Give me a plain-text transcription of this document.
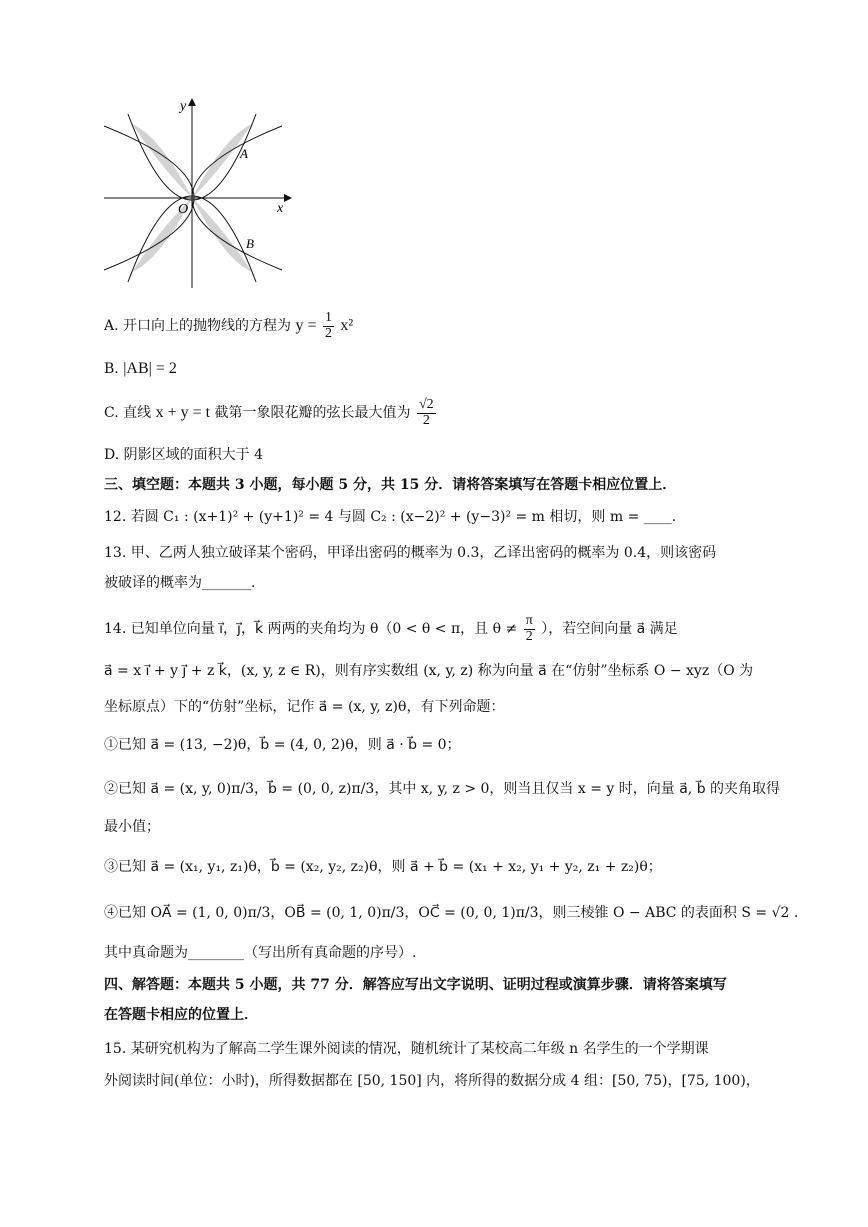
y
x
O
A
B
A. 开口向上的抛物线的方程为 $y = \frac{1}{2} x^2$
B. |AB| = 2
C. 直线 x + y = t 截第一象限花瓣的弦长最大值为 $\frac{√2}{2}$
D. 阴影区域的面积大于 4
三、填空题：本题共 3 小题，每小题 5 分，共 15 分．请将答案填写在答题卡相应位置上．
12. 若圆 C₁ : (x+1)² + (y+1)² = 4 与圆 C₂ : (x−2)² + (y−3)² = m 相切，则 m = ____.
13. 甲、乙两人独立破译某个密码，甲译出密码的概率为 0.3，乙译出密码的概率为 0.4，则该密码
被破译的概率为_______.
14. 已知单位向量 i⃗，j⃗，k⃗ 两两的夹角均为 θ（0 < θ < π，且 $\theta \ne \frac{\pi}{2}$ ），若空间向量 a⃗ 满足
a⃗ = x i⃗ + y j⃗ + z k⃗，(x, y, z ∈ R)，则有序实数组 (x, y, z) 称为向量 a⃗ 在“仿射”坐标系 O − xyz（O 为
坐标原点）下的“仿射”坐标，记作 a⃗ = (x, y, z)θ，有下列命题：
①已知 a⃗ = (13, −2)θ，b⃗ = (4, 0, 2)θ，则 a⃗ · b⃗ = 0；
②已知 a⃗ = (x, y, 0)π/3，b⃗ = (0, 0, z)π/3，其中 x, y, z > 0，则当且仅当 x = y 时，向量 a⃗, b⃗ 的夹角取得
最小值；
③已知 a⃗ = (x₁, y₁, z₁)θ，b⃗ = (x₂, y₂, z₂)θ，则 a⃗ + b⃗ = (x₁ + x₂, y₁ + y₂, z₁ + z₂)θ；
④已知 OA⃗ = (1, 0, 0)π/3，OB⃗ = (0, 1, 0)π/3，OC⃗ = (0, 0, 1)π/3，则三棱锥 O − ABC 的表面积 S = √2 .
其中真命题为________（写出所有真命题的序号）.
四、解答题：本题共 5 小题，共 77 分．解答应写出文字说明、证明过程或演算步骤．请将答案填写
在答题卡相应的位置上．
15. 某研究机构为了解高二学生课外阅读的情况，随机统计了某校高二年级 n 名学生的一个学期课
外阅读时间(单位：小时)，所得数据都在 [50, 150] 内，将所得的数据分成 4 组：[50, 75)，[75, 100)，
